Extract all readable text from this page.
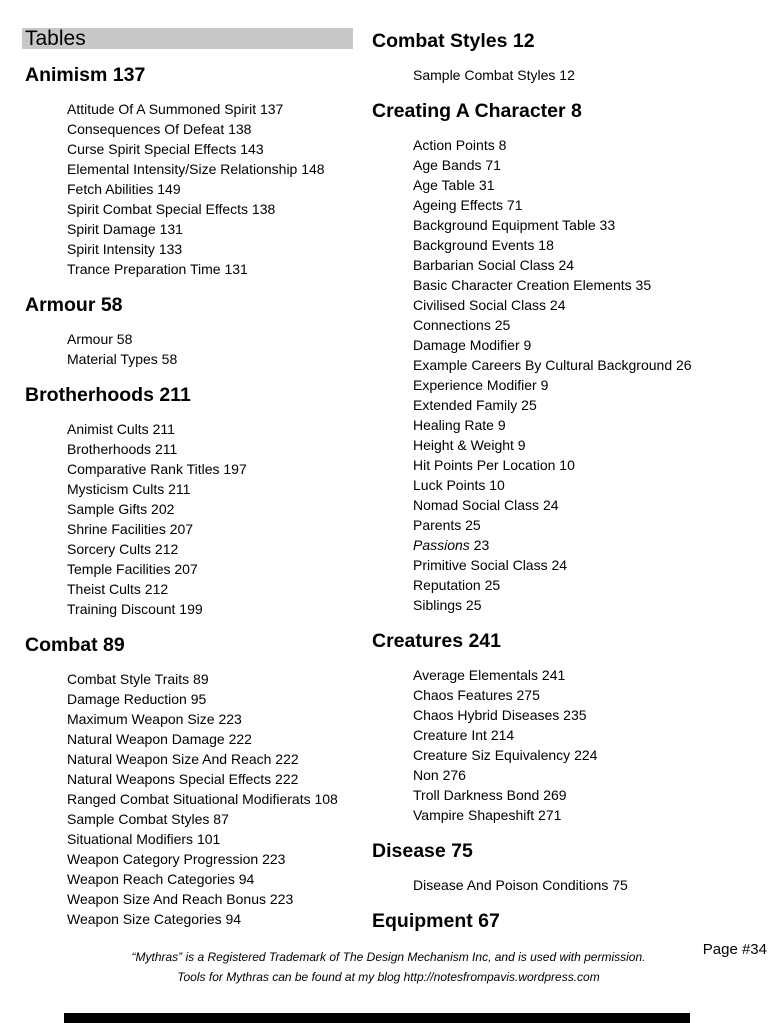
Tables
Animism 137
Attitude Of A Summoned Spirit 137
Consequences Of Defeat 138
Curse Spirit Special Effects 143
Elemental Intensity/Size Relationship 148
Fetch Abilities 149
Spirit Combat Special Effects 138
Spirit Damage 131
Spirit Intensity 133
Trance Preparation Time 131
Armour 58
Armour 58
Material Types 58
Brotherhoods 211
Animist Cults 211
Brotherhoods 211
Comparative Rank Titles 197
Mysticism Cults 211
Sample Gifts 202
Shrine Facilities 207
Sorcery Cults 212
Temple Facilities 207
Theist Cults 212
Training Discount 199
Combat 89
Combat Style Traits 89
Damage Reduction 95
Maximum Weapon Size 223
Natural Weapon Damage 222
Natural Weapon Size And Reach 222
Natural Weapons Special Effects 222
Ranged Combat Situational Modifierats 108
Sample Combat Styles 87
Situational Modifiers 101
Weapon Category Progression 223
Weapon Reach Categories 94
Weapon Size And Reach Bonus 223
Weapon Size Categories 94
Combat Styles 12
Sample Combat Styles 12
Creating A Character 8
Action Points 8
Age Bands 71
Age Table 31
Ageing Effects 71
Background Equipment Table 33
Background Events 18
Barbarian Social Class 24
Basic Character Creation Elements 35
Civilised Social Class 24
Connections 25
Damage Modifier 9
Example Careers By Cultural Background 26
Experience Modifier 9
Extended Family 25
Healing Rate 9
Height & Weight 9
Hit Points Per Location 10
Luck Points 10
Nomad Social Class 24
Parents 25
Passions 23
Primitive Social Class 24
Reputation 25
Siblings 25
Creatures 241
Average Elementals 241
Chaos Features 275
Chaos Hybrid Diseases 235
Creature Int 214
Creature Siz Equivalency 224
Non 276
Troll Darkness Bond 269
Vampire Shapeshift 271
Disease 75
Disease And Poison Conditions 75
Equipment 67
Page #34
“Mythras” is a Registered Trademark of The Design Mechanism Inc, and is used with permission.
Tools for Mythras can be found at my blog http://notesfrompavis.wordpress.com
